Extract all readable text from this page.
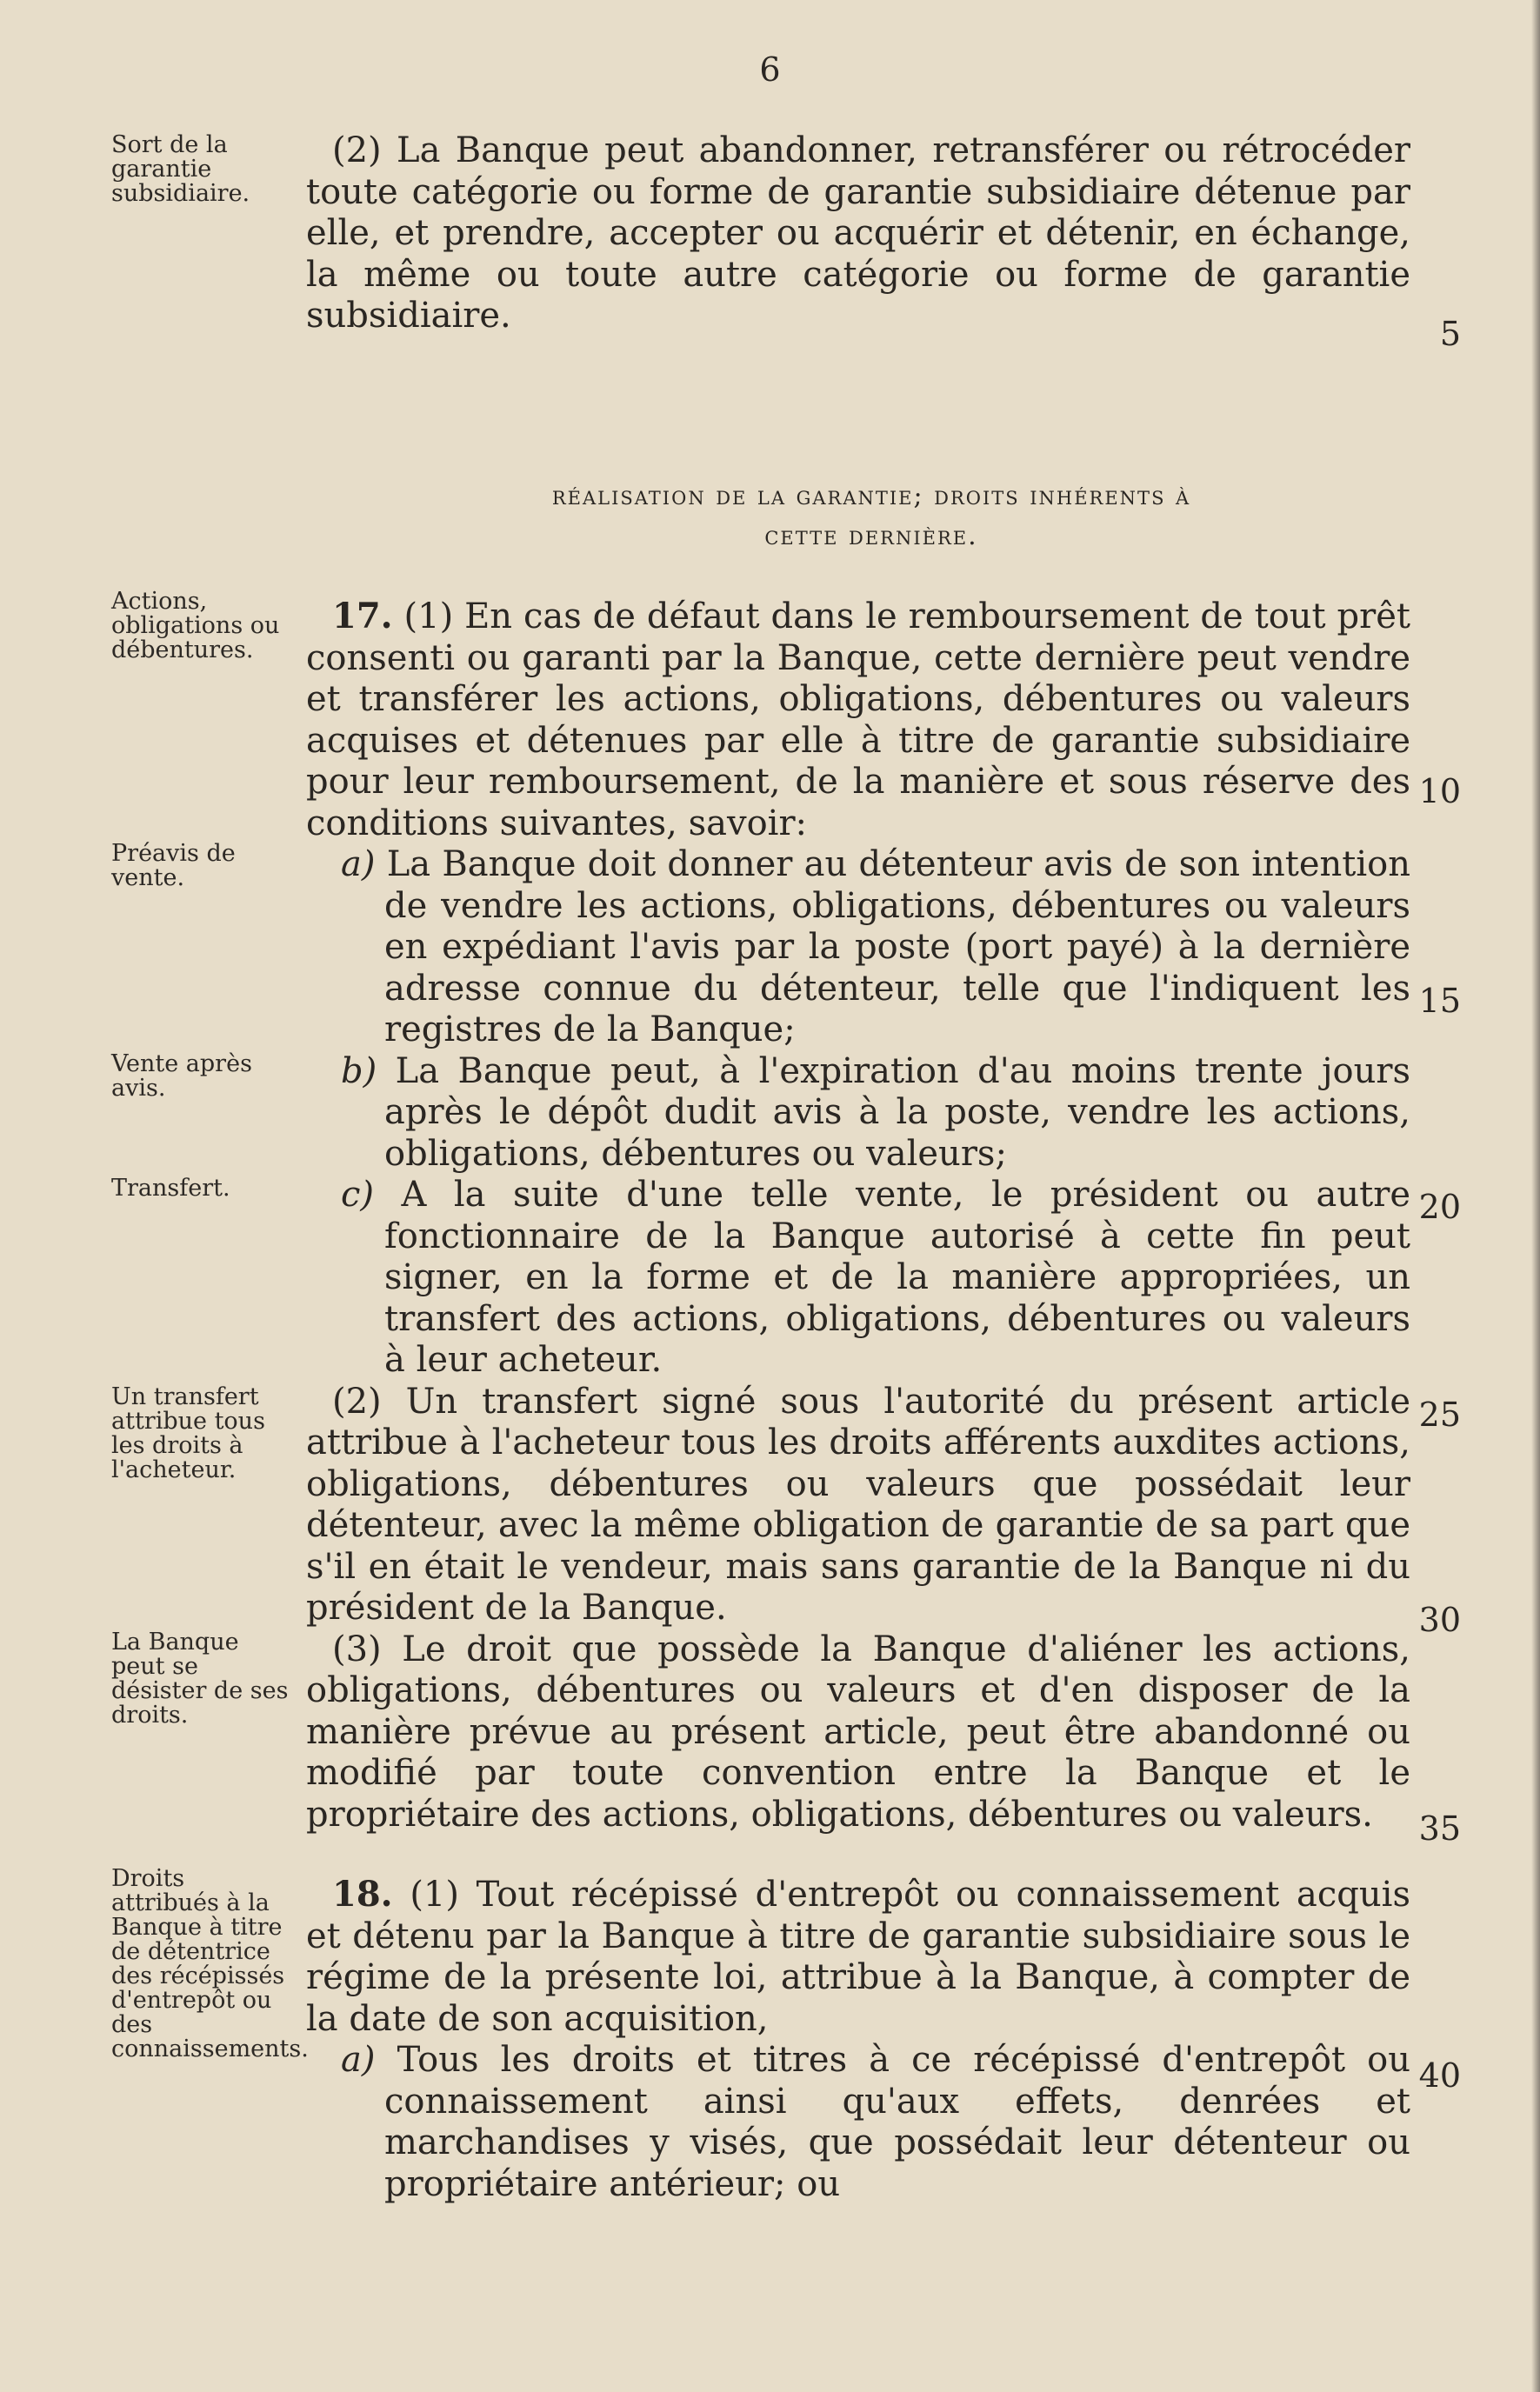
6
Sort de la garantie subsidiaire.
Actions, obligations ou débentures.
Préavis de vente.
Vente après avis.
Transfert.
Un transfert attribue tous les droits à l'acheteur.
La Banque peut se désister de ses droits.
Droits attribués à la Banque à titre de détentrice des récépissés d'entrepôt ou des connaissements.

(2) La Banque peut abandonner, retransférer ou rétrocéder toute catégorie ou forme de garantie subsidiaire détenue par elle, et prendre, accepter ou acquérir et détenir, en échange, la même ou toute autre catégorie ou forme de garantie subsidiaire.

réalisation de la garantie; droits inhérents à
cette dernière.

17. (1) En cas de défaut dans le remboursement de tout prêt consenti ou garanti par la Banque, cette dernière peut vendre et transférer les actions, obligations, débentures ou valeurs acquises et détenues par elle à titre de garantie subsidiaire pour leur remboursement, de la manière et sous réserve des conditions suivantes, savoir:

a) La Banque doit donner au détenteur avis de son intention de vendre les actions, obligations, débentures ou valeurs en expédiant l'avis par la poste (port payé) à la dernière adresse connue du détenteur, telle que l'indiquent les registres de la Banque;

b) La Banque peut, à l'expiration d'au moins trente jours après le dépôt dudit avis à la poste, vendre les actions, obligations, débentures ou valeurs;

c) A la suite d'une telle vente, le président ou autre fonctionnaire de la Banque autorisé à cette fin peut signer, en la forme et de la manière appropriées, un transfert des actions, obligations, débentures ou valeurs à leur acheteur.

(2) Un transfert signé sous l'autorité du présent article attribue à l'acheteur tous les droits afférents auxdites actions, obligations, débentures ou valeurs que possédait leur détenteur, avec la même obligation de garantie de sa part que s'il en était le vendeur, mais sans garantie de la Banque ni du président de la Banque.

(3) Le droit que possède la Banque d'aliéner les actions, obligations, débentures ou valeurs et d'en disposer de la manière prévue au présent article, peut être abandonné ou modifié par toute convention entre la Banque et le propriétaire des actions, obligations, débentures ou valeurs.

18. (1) Tout récépissé d'entrepôt ou connaissement acquis et détenu par la Banque à titre de garantie subsidiaire sous le régime de la présente loi, attribue à la Banque, à compter de la date de son acquisition,

a) Tous les droits et titres à ce récépissé d'entrepôt ou connaissement ainsi qu'aux effets, denrées et marchandises y visés, que possédait leur détenteur ou propriétaire antérieur; ou

5
10
15
20
25
30
35
40
